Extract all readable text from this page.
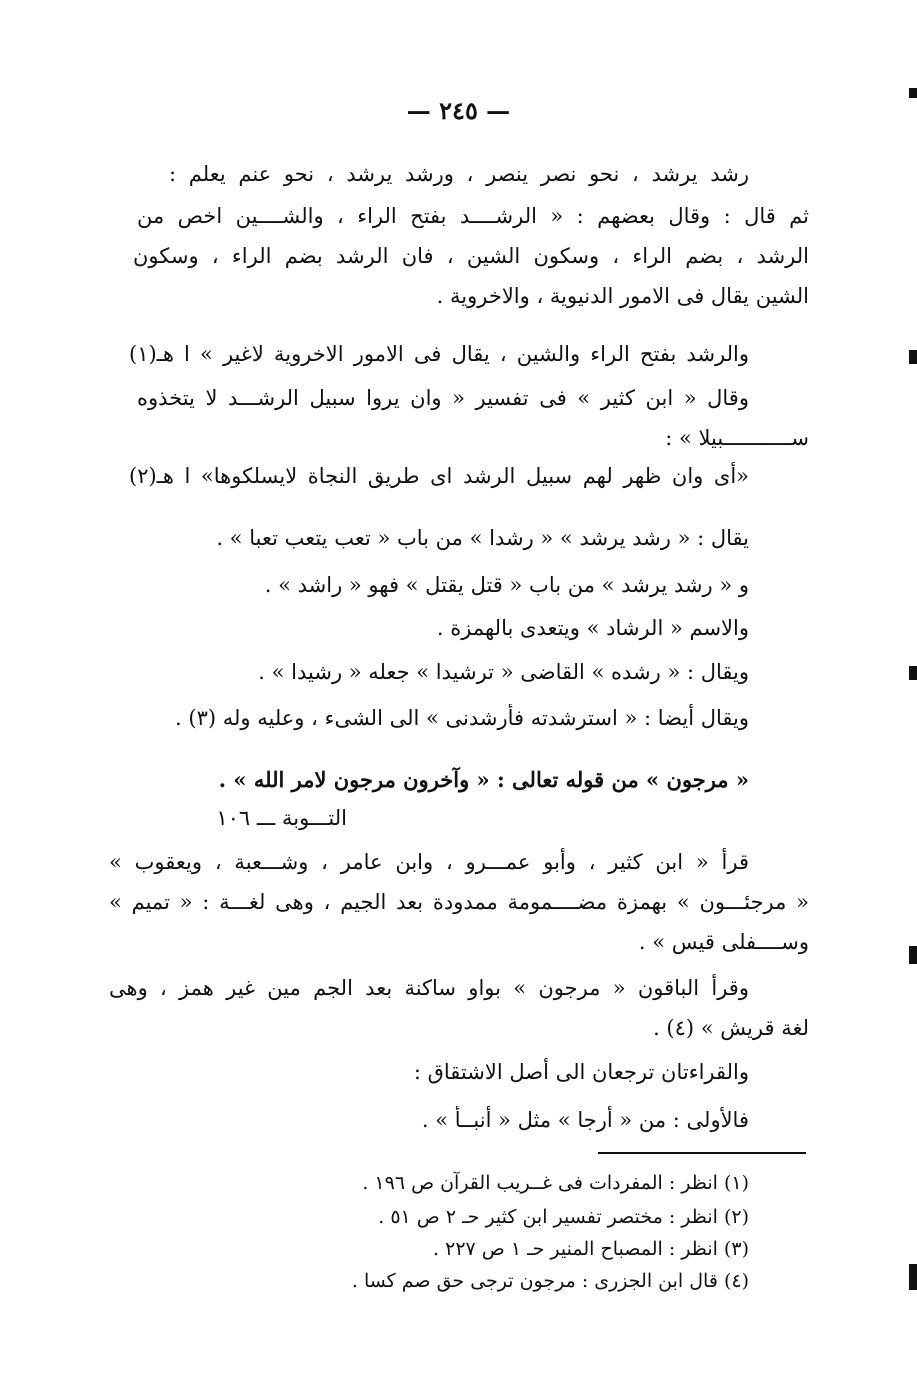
— ٢٤٥ —
رشد يرشد ، نحو نصر ينصر ، ورشد يرشد ، نحو عنم يعلم :
ثم قال : وقال بعضهم : « الرشــــد بفتح الراء ، والشــــين اخص من
الرشد ، بضم الراء ، وسكون الشين ، فان الرشد بضم الراء ، وسكون
الشين يقال فى الامور الدنيوية ، والاخروية .
والرشد بفتح الراء والشين ، يقال فى الامور الاخروية لاغير » ا هـ(١)
وقال « ابن كثير » فى تفسير « وان يروا سبيل الرشـــد لا يتخذوه
ســـــــــــبيلا » :
«أى وان ظهر لهم سبيل الرشد اى طريق النجاة لايسلكوها» ا هـ(٢)
يقال : « رشد يرشد » « رشدا » من باب « تعب يتعب تعبا » .
و « رشد يرشد » من باب « قتل يقتل » فهو « راشد » .
والاسم « الرشاد » ويتعدى بالهمزة .
ويقال : « رشده » القاضى « ترشيدا » جعله « رشيدا » .
ويقال أيضا : « استرشدته فأرشدنى » الى الشىء ، وعليه وله (٣) .
« مرجون » من قوله تعالى : « وآخرون مرجون لامر الله » .
التـــوبة ـــ ١٠٦
قرأ « ابن كثير ، وأبو عمـــرو ، وابن عامر ، وشـــعبة ، ويعقوب »
« مرجئـــون » بهمزة مضــــمومة ممدودة بعد الجيم ، وهى لغـــة : « تميم »
وســــفلى قيس » .
وقرأ الباقون « مرجون » بواو ساكنة بعد الجم مين غير همز ، وهى
لغة قريش » (٤) .
والقراءتان ترجعان الى أصل الاشتقاق :
فالأولى : من « أرجا » مثل « أنبــأ » .
(١) انظر : المفردات فى غــريب القرآن ص ١٩٦ .
(٢) انظر : مختصر تفسير ابن كثير حـ ٢ ص ٥١ .
(٣) انظر : المصباح المنير حـ ١ ص ٢٢٧ .
(٤) قال ابن الجزرى : مرجون ترجى حق صم كسا .
